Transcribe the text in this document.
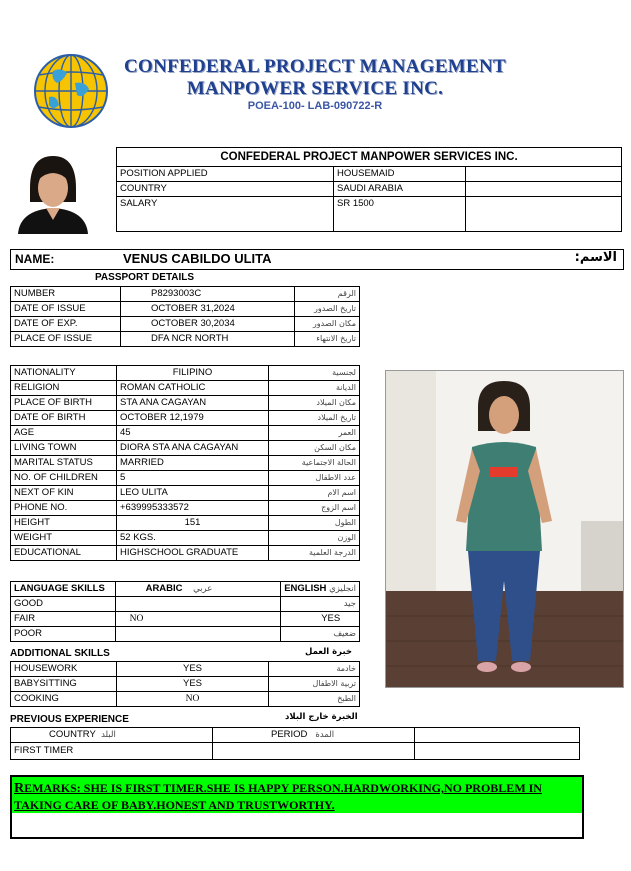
CONFEDERAL PROJECT MANAGEMENT
MANPOWER SERVICE INC.
POEA-100- LAB-090722-R
CONFEDERAL PROJECT MANPOWER SERVICES INC.		
POSITION APPLIED	HOUSEMAID	
COUNTRY	SAUDI ARABIA	
SALARY	SR 1500	
NAME:	VENUS CABILDO ULITA	:الاسم
PASSPORT DETAILS
NUMBER	P8293003C	الرقم
DATE OF ISSUE	OCTOBER 31,2024	تاريخ الصدور
DATE OF EXP.	OCTOBER 30,2034	مكان الصدور
PLACE OF ISSUE	DFA NCR NORTH	تاريخ الانتهاء
NATIONALITY	FILIPINO	لجنسية
RELIGION	ROMAN CATHOLIC	الديانة
PLACE OF BIRTH	STA ANA CAGAYAN	مكان الميلاد
DATE OF BIRTH	OCTOBER 12,1979	تاريخ الميلاد
AGE	45	العمر
LIVING TOWN	DIORA STA ANA CAGAYAN	مكان السكن
MARITAL STATUS	MARRIED	الحالة الاجتماعية
NO. OF CHILDREN	5	عدد الاطفال
NEXT OF KIN	LEO ULITA	اسم الام
PHONE NO.	+639995333572	اسم الزوج
HEIGHT	151	الطول
WEIGHT	52 KGS.	الوزن
EDUCATIONAL	HIGHSCHOOL GRADUATE	الدرجة العلمية
LANGUAGE SKILLS	ARABIC عربي	ENGLISH انجليزي
GOOD		جيد
FAIR	NO	YES
POOR		ضعيف
ADDITIONAL SKILLS	خبرة العمل
HOUSEWORK	YES	خادمة
BABYSITTING	YES	تربية الاطفال
COOKING	NO	الطبخ
PREVIOUS EXPERIENCE	الخبرة خارج البلاد
COUNTRY البلد	PERIOD المدة	
FIRST TIMER		
REMARKS: SHE IS FIRST TIMER.SHE IS HAPPY PERSON.HARDWORKING,NO PROBLEM IN TAKING CARE OF BABY.HONEST AND TRUSTWORTHY.
